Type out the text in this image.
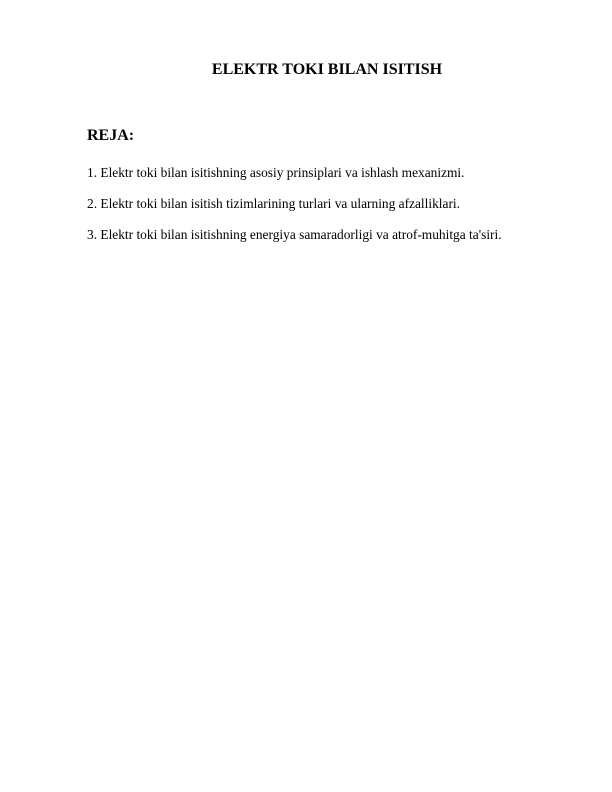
ELEKTR TOKI BILAN ISITISH
REJA:
1. Elektr toki bilan isitishning asosiy prinsiplari va ishlash mexanizmi.
2. Elektr toki bilan isitish tizimlarining turlari va ularning afzalliklari.
3. Elektr toki bilan isitishning energiya samaradorligi va atrof-muhitga ta'siri.
